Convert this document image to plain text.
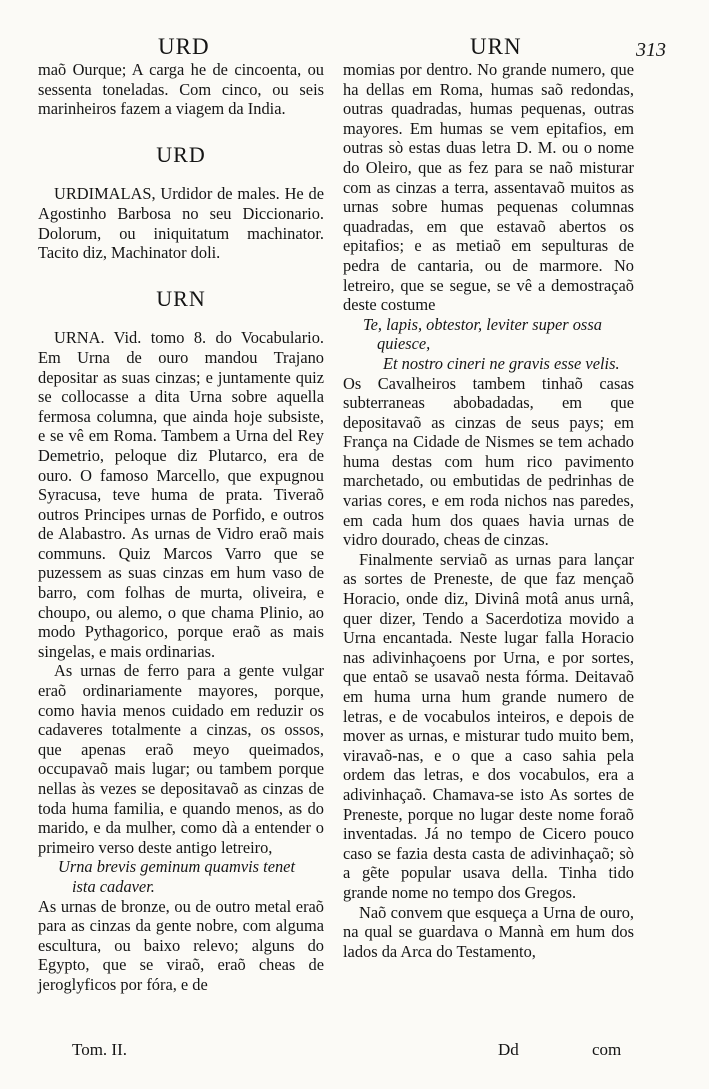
URD	URN	313

maõ Ourque; A carga he de cincoenta, ou sessenta toneladas. Com cinco, ou seis marinheiros fazem a viagem da India.

URD

URDIMALAS, Urdidor de males. He de Agostinho Barbosa no seu Diccionario. Dolorum, ou iniquitatum machinator. Tacito diz, Machinator doli.

URN

URNA. Vid. tomo 8. do Vocabulario. Em Urna de ouro mandou Trajano depositar as suas cinzas; e juntamente quiz se collocasse a dita Urna sobre aquella fermosa columna, que ainda hoje subsiste, e se vê em Roma. Tambem a Urna del Rey Demetrio, peloque diz Plutarco, era de ouro. O famoso Marcello, que expugnou Syracusa, teve huma de prata. Tiveraõ outros Principes urnas de Porfido, e outros de Alabastro. As urnas de Vidro eraõ mais communs. Quiz Marcos Varro que se puzessem as suas cinzas em hum vaso de barro, com folhas de murta, oliveira, e choupo, ou alemo, o que chama Plinio, ao modo Pythagorico, porque eraõ as mais singelas, e mais ordinarias.

As urnas de ferro para a gente vulgar eraõ ordinariamente mayores, porque, como havia menos cuidado em reduzir os cadaveres totalmente a cinzas, os ossos, que apenas eraõ meyo queimados, occupavaõ mais lugar; ou tambem porque nellas às vezes se depositavaõ as cinzas de toda huma familia, e quando menos, as do marido, e da mulher, como dà a entender o primeiro verso deste antigo letreiro,

Urna brevis geminum quamvis tenet

ista cadaver.

As urnas de bronze, ou de outro metal eraõ para as cinzas da gente nobre, com alguma escultura, ou baixo relevo; alguns do Egypto, que se viraõ, eraõ cheas de jeroglyficos por fóra, e de

momias por dentro. No grande numero, que ha dellas em Roma, humas saõ redondas, outras quadradas, humas pequenas, outras mayores. Em humas se vem epitafios, em outras sò estas duas letra D. M. ou o nome do Oleiro, que as fez para se naõ misturar com as cinzas a terra, assentavaõ muitos as urnas sobre humas pequenas columnas quadradas, em que estavaõ abertos os epitafios; e as metiaõ em sepulturas de pedra de cantaria, ou de marmore. No letreiro, que se segue, se vê a demostraçaõ deste costume

Te, lapis, obtestor, leviter super ossa

quiesce,

Et nostro cineri ne gravis esse velis.

Os Cavalheiros tambem tinhaõ casas subterraneas abobadadas, em que depositavaõ as cinzas de seus pays; em França na Cidade de Nismes se tem achado huma destas com hum rico pavimento marchetado, ou embutidas de pedrinhas de varias cores, e em roda nichos nas paredes, em cada hum dos quaes havia urnas de vidro dourado, cheas de cinzas.

Finalmente serviaõ as urnas para lançar as sortes de Preneste, de que faz mençaõ Horacio, onde diz, Divinâ motâ anus urnâ, quer dizer, Tendo a Sacerdotiza movido a Urna encantada. Neste lugar falla Horacio nas adivinhaçoens por Urna, e por sortes, que entaõ se usavaõ nesta fórma. Deitavaõ em huma urna hum grande numero de letras, e de vocabulos inteiros, e depois de mover as urnas, e misturar tudo muito bem, viravaõ-nas, e o que a caso sahia pela ordem das letras, e dos vocabulos, era a adivinhaçaõ. Chamava-se isto As sortes de Preneste, porque no lugar deste nome foraõ inventadas. Já no tempo de Cicero pouco caso se fazia desta casta de adivinhaçaõ; sò a gẽte popular usava della. Tinha tido grande nome no tempo dos Gregos.

Naõ convem que esqueça a Urna de ouro, na qual se guardava o Mannà em hum dos lados da Arca do Testamento,

Tom. II.	Dd	com
